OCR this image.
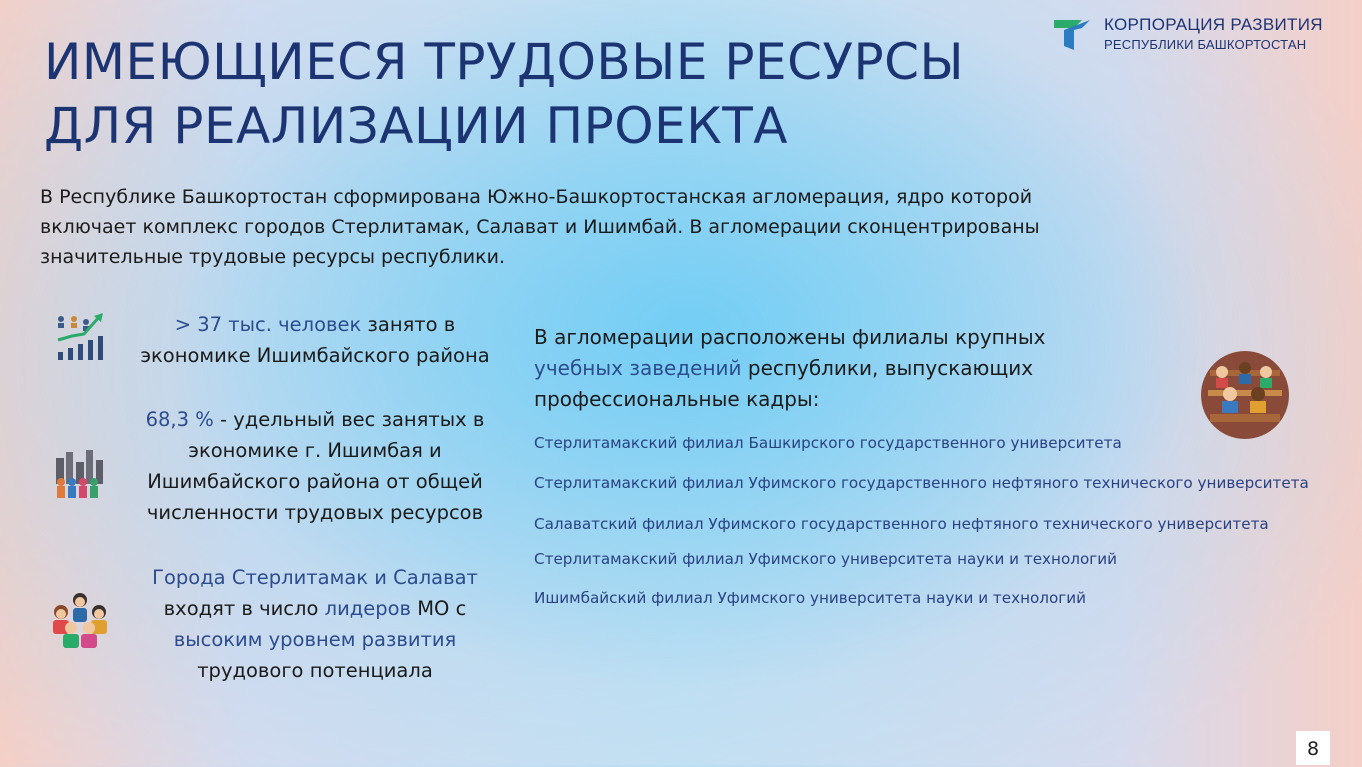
ИМЕЮЩИЕСЯ ТРУДОВЫЕ РЕСУРСЫ
ДЛЯ РЕАЛИЗАЦИИ ПРОЕКТА
КОРПОРАЦИЯ РАЗВИТИЯ
РЕСПУБЛИКИ БАШКОРТОСТАН

В Республике Башкортостан сформирована Южно-Башкортостанская агломерация, ядро которой включает комплекс городов Стерлитамак, Салават и Ишимбай. В агломерации сконцентрированы значительные трудовые ресурсы республики.

> 37 тыс. человек занято в
экономике Ишимбайского района
68,3 % - удельный вес занятых в
экономике г. Ишимбая и
Ишимбайского района от общей
численности трудовых ресурсов
Города Стерлитамак и Салават
входят в число лидеров МО с
высоким уровнем развития
трудового потенциала
В агломерации расположены филиалы крупных
учебных заведений республики, выпускающих
профессиональные кадры:
Стерлитамакский филиал Башкирского государственного университета
Стерлитамакский филиал Уфимского государственного нефтяного технического университета
Салаватский филиал Уфимского государственного нефтяного технического университета
Стерлитамакский филиал Уфимского университета науки и технологий
Ишимбайский филиал Уфимского университета науки и технологий
8
